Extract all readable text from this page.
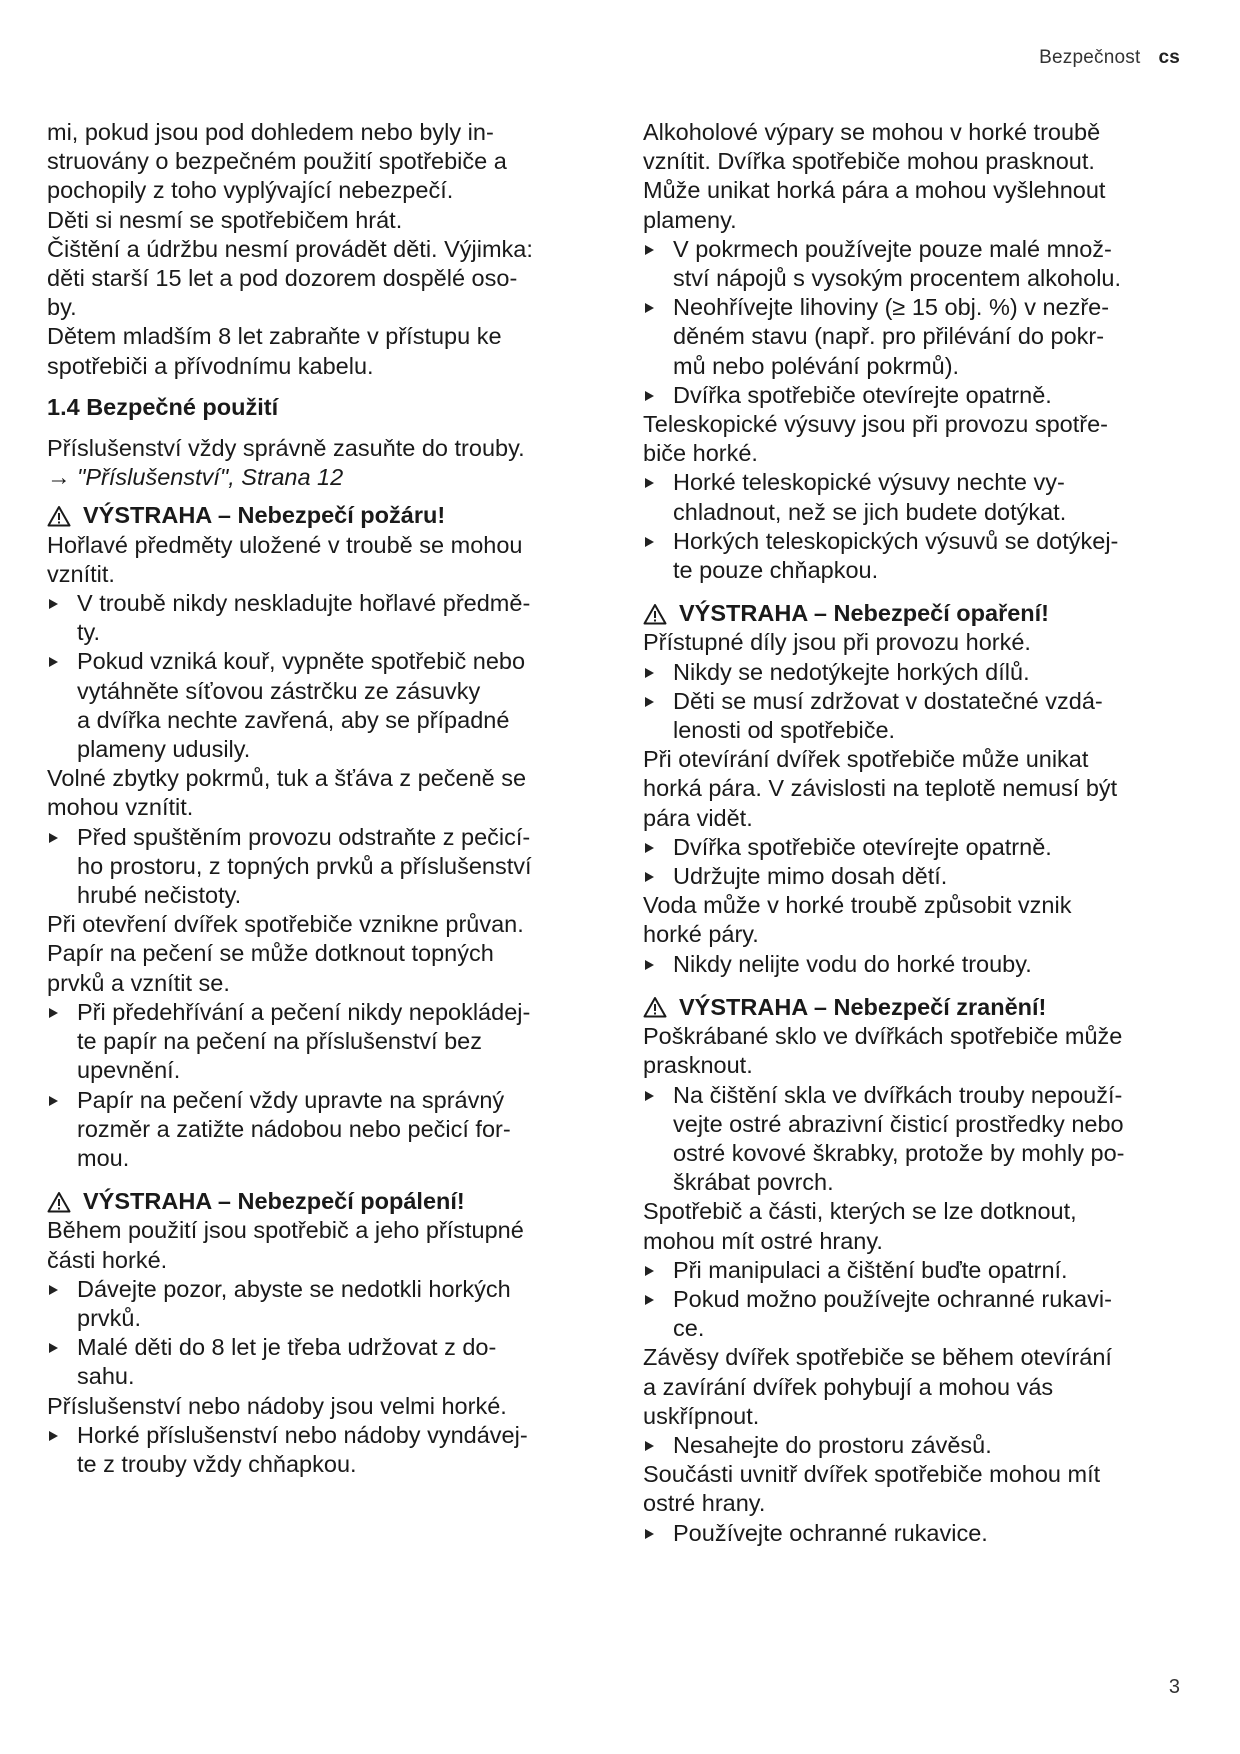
Bezpečnost cs

mi, pokud jsou pod dohledem nebo byly in-
struovány o bezpečném použití spotřebiče a
pochopily z toho vyplývající nebezpečí.
Děti si nesmí se spotřebičem hrát.
Čištění a údržbu nesmí provádět děti. Výjimka:
děti starší 15 let a pod dozorem dospělé oso-
by.
Dětem mladším 8 let zabraňte v přístupu ke
spotřebiči a přívodnímu kabelu.

1.4 Bezpečné použití

Příslušenství vždy správně zasuňte do trouby.

→ "Příslušenství", Strana 12

VÝSTRAHA – Nebezpečí požáru!

Hořlavé předměty uložené v troubě se mohou
vznítit.

V troubě nikdy neskladujte hořlavé předmě-
ty.

Pokud vzniká kouř, vypněte spotřebič nebo
vytáhněte síťovou zástrčku ze zásuvky
a dvířka nechte zavřená, aby se případné
plameny udusily.

Volné zbytky pokrmů, tuk a šťáva z pečeně se
mohou vznítit.

Před spuštěním provozu odstraňte z pečicí-
ho prostoru, z topných prvků a příslušenství
hrubé nečistoty.

Při otevření dvířek spotřebiče vznikne průvan.
Papír na pečení se může dotknout topných
prvků a vznítit se.

Při předehřívání a pečení nikdy nepokládej-
te papír na pečení na příslušenství bez
upevnění.

Papír na pečení vždy upravte na správný
rozměr a zatižte nádobou nebo pečicí for-
mou.

VÝSTRAHA – Nebezpečí popálení!

Během použití jsou spotřebič a jeho přístupné
části horké.

Dávejte pozor, abyste se nedotkli horkých
prvků.

Malé děti do 8 let je třeba udržovat z do-
sahu.

Příslušenství nebo nádoby jsou velmi horké.

Horké příslušenství nebo nádoby vyndávej-
te z trouby vždy chňapkou.

Alkoholové výpary se mohou v horké troubě
vznítit. Dvířka spotřebiče mohou prasknout.
Může unikat horká pára a mohou vyšlehnout
plameny.

V pokrmech používejte pouze malé množ-
ství nápojů s vysokým procentem alkoholu.

Neohřívejte lihoviny (≥ 15 obj. %) v nezře-
děném stavu (např. pro přilévání do pokr-
mů nebo polévání pokrmů).

Dvířka spotřebiče otevírejte opatrně.

Teleskopické výsuvy jsou při provozu spotře-
biče horké.

Horké teleskopické výsuvy nechte vy-
chladnout, než se jich budete dotýkat.

Horkých teleskopických výsuvů se dotýkej-
te pouze chňapkou.

VÝSTRAHA – Nebezpečí opaření!

Přístupné díly jsou při provozu horké.

Nikdy se nedotýkejte horkých dílů.

Děti se musí zdržovat v dostatečné vzdá-
lenosti od spotřebiče.

Při otevírání dvířek spotřebiče může unikat
horká pára. V závislosti na teplotě nemusí být
pára vidět.

Dvířka spotřebiče otevírejte opatrně.

Udržujte mimo dosah dětí.

Voda může v horké troubě způsobit vznik
horké páry.

Nikdy nelijte vodu do horké trouby.

VÝSTRAHA – Nebezpečí zranění!

Poškrábané sklo ve dvířkách spotřebiče může
prasknout.

Na čištění skla ve dvířkách trouby nepouží-
vejte ostré abrazivní čisticí prostředky nebo
ostré kovové škrabky, protože by mohly po-
škrábat povrch.

Spotřebič a části, kterých se lze dotknout,
mohou mít ostré hrany.

Při manipulaci a čištění buďte opatrní.

Pokud možno používejte ochranné rukavi-
ce.

Závěsy dvířek spotřebiče se během otevírání
a zavírání dvířek pohybují a mohou vás
uskřípnout.

Nesahejte do prostoru závěsů.

Součásti uvnitř dvířek spotřebiče mohou mít
ostré hrany.

Používejte ochranné rukavice.

3
